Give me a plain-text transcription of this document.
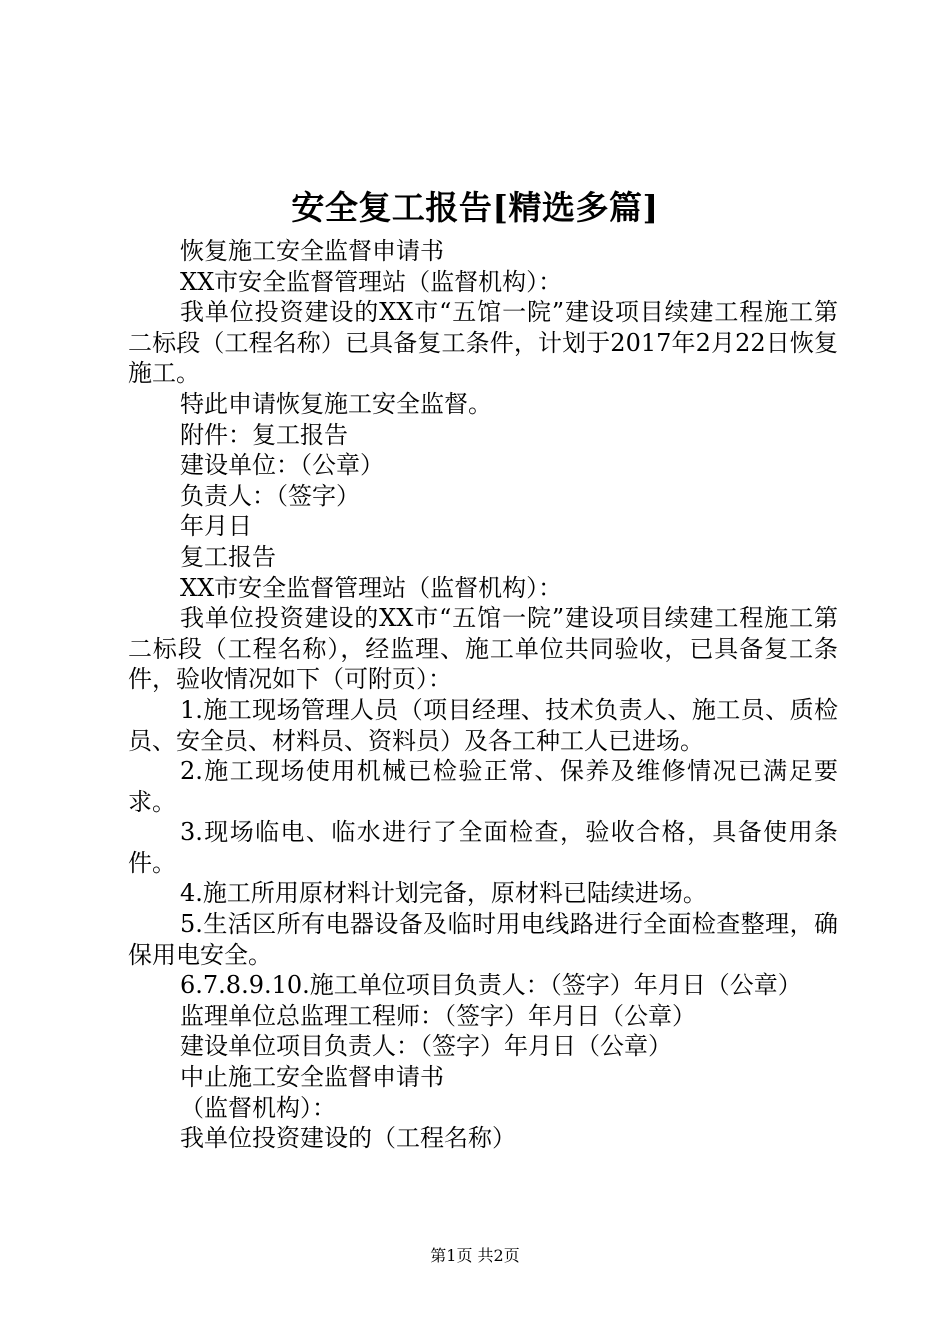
安全复工报告[精选多篇]

恢复施工安全监督申请书

XX市安全监督管理站（监督机构）：

我单位投资建设的XX市“五馆一院”建设项目续建工程施工第二标段（工程名称）已具备复工条件，计划于2017年2月22日恢复施工。

特此申请恢复施工安全监督。

附件：复工报告

建设单位：（公章）

负责人：（签字）

年月日

复工报告

XX市安全监督管理站（监督机构）：

我单位投资建设的XX市“五馆一院”建设项目续建工程施工第二标段（工程名称），经监理、施工单位共同验收，已具备复工条件，验收情况如下（可附页）：

1.施工现场管理人员（项目经理、技术负责人、施工员、质检员、安全员、材料员、资料员）及各工种工人已进场。

2.施工现场使用机械已检验正常、保养及维修情况已满足要求。

3.现场临电、临水进行了全面检查，验收合格，具备使用条件。

4.施工所用原材料计划完备，原材料已陆续进场。

5.生活区所有电器设备及临时用电线路进行全面检查整理，确保用电安全。

6.7.8.9.10.施工单位项目负责人：（签字）年月日（公章）

监理单位总监理工程师：（签字）年月日（公章）

建设单位项目负责人：（签字）年月日（公章）

中止施工安全监督申请书

（监督机构）：

我单位投资建设的（工程名称）

第1页 共2页
